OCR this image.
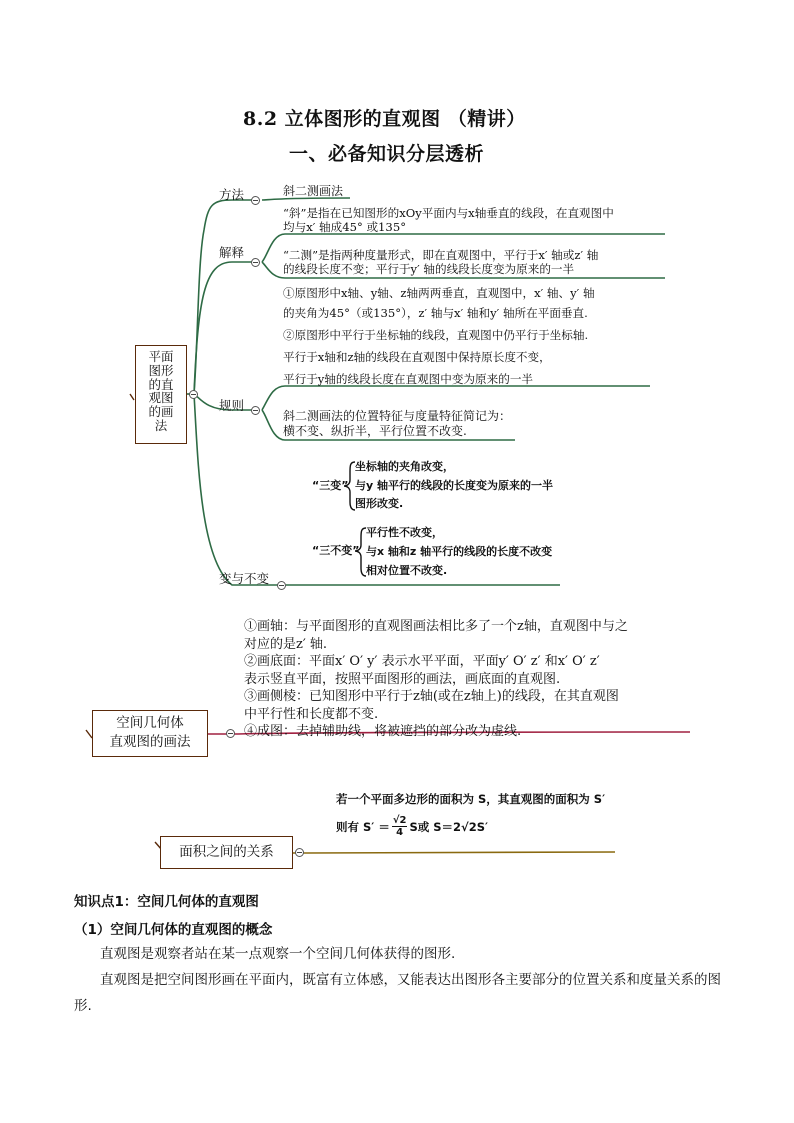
8.2 立体图形的直观图 （精讲）
一、必备知识分层透析
平面
图形
的直
观图
的画
法
方法
解释
规则
变与不变
斜二测画法
“斜”是指在已知图形的xOy平面内与x轴垂直的线段，在直观图中
均与x′ 轴成45° 或135°
“二测”是指两种度量形式，即在直观图中，平行于x′ 轴或z′ 轴
的线段长度不变；平行于y′ 轴的线段长度变为原来的一半
①原图形中x轴、y轴、z轴两两垂直，直观图中，x′ 轴、y′ 轴
的夹角为45°（或135°），z′ 轴与x′ 轴和y′ 轴所在平面垂直.
②原图形中平行于坐标轴的线段，直观图中仍平行于坐标轴.
平行于x轴和z轴的线段在直观图中保持原长度不变，
平行于y轴的线段长度在直观图中变为原来的一半
斜二测画法的位置特征与度量特征简记为：
横不变、纵折半，平行位置不改变.
“三变”
坐标轴的夹角改变，
与y 轴平行的线段的长度变为原来的一半
图形改变.
“三不变”
平行性不改变，
与x 轴和z 轴平行的线段的长度不改变
相对位置不改变.
空间几何体
直观图的画法
①画轴：与平面图形的直观图画法相比多了一个z轴，直观图中与之
对应的是z′ 轴.
②画底面：平面x′ O′ y′ 表示水平平面，平面y′ O′ z′ 和x′ O′ z′
表示竖直平面，按照平面图形的画法，画底面的直观图.
③画侧棱：已知图形中平行于z轴(或在z轴上)的线段，在其直观图
中平行性和长度都不变.
④成图：去掉辅助线，将被遮挡的部分改为虚线.
面积之间的关系
若一个平面多边形的面积为 S，其直观图的面积为 S′
则有 $S' = \frac{√2}{4}$ S或 S＝2√2S′
知识点1：空间几何体的直观图
（1）空间几何体的直观图的概念
直观图是观察者站在某一点观察一个空间几何体获得的图形.
直观图是把空间图形画在平面内，既富有立体感，又能表达出图形各主要部分的位置关系和度量关系的图形.
